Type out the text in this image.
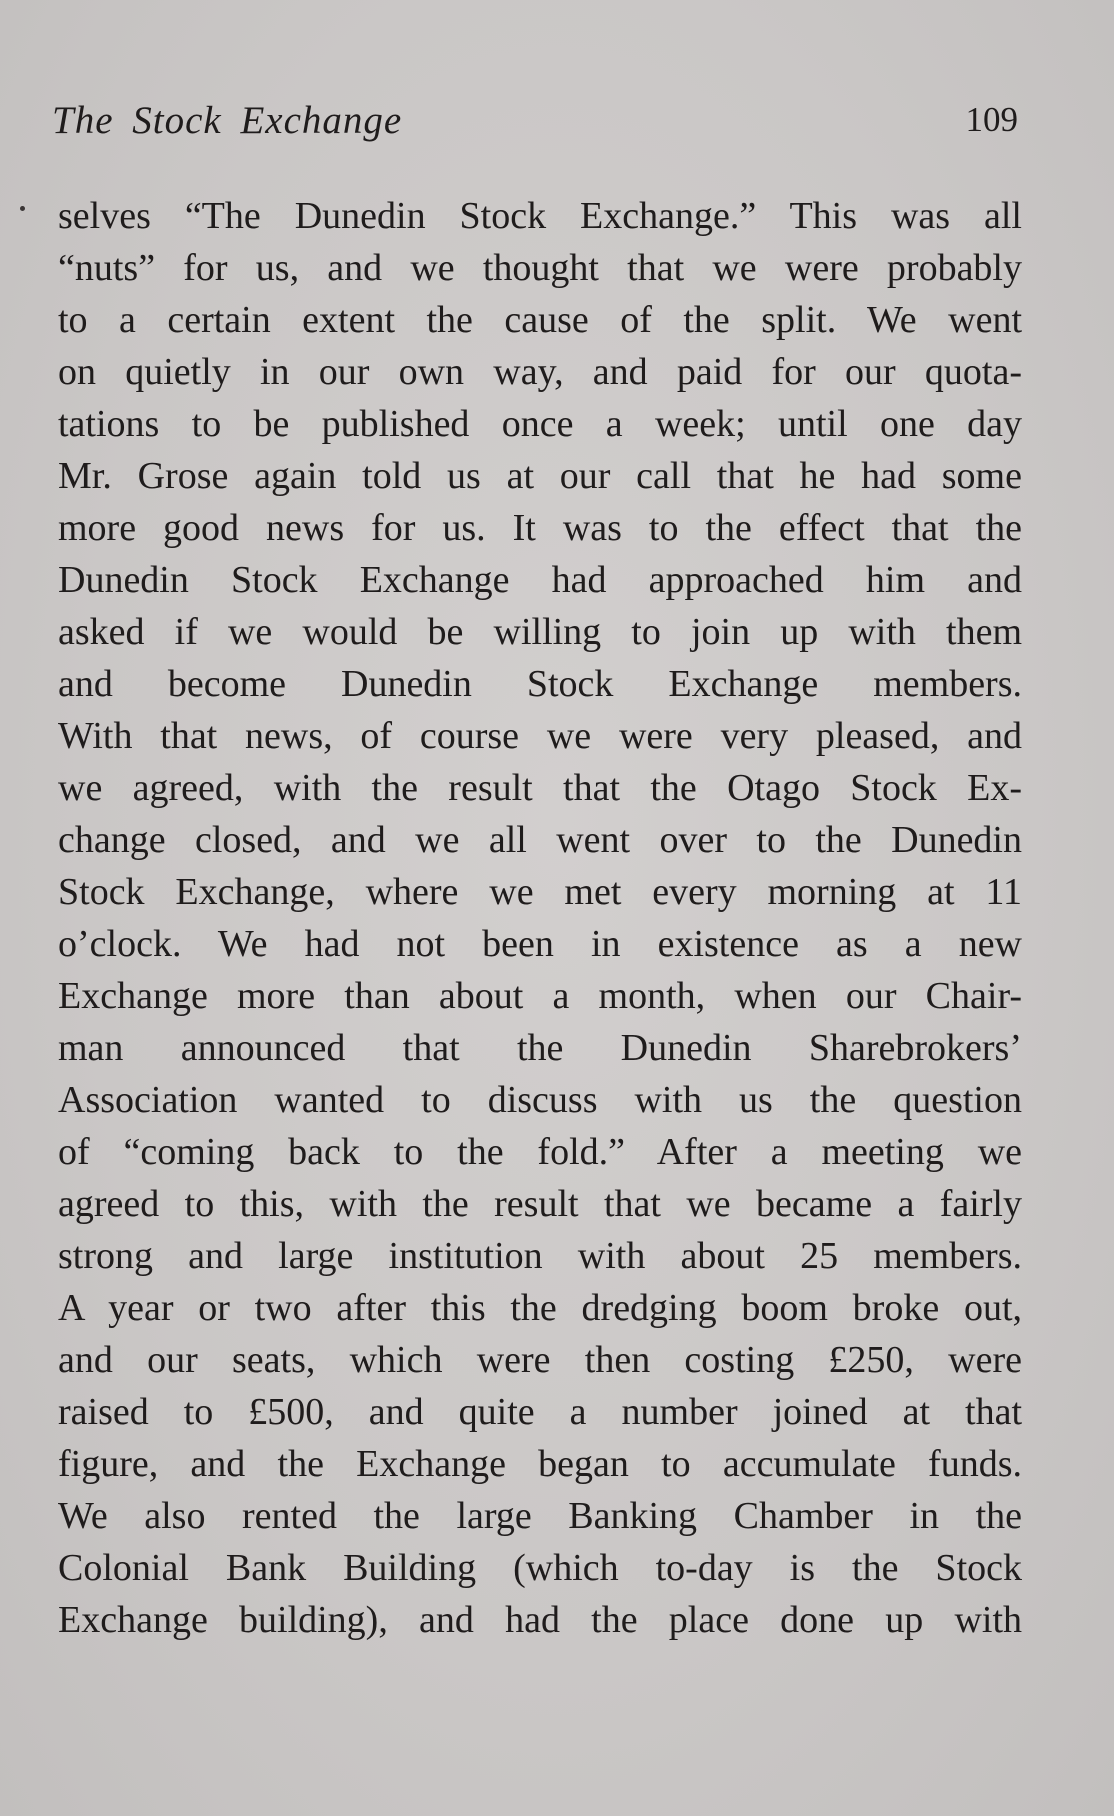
The Stock Exchange	109
selves “The Dunedin Stock Exchange.” This was all
“nuts” for us, and we thought that we were probably
to a certain extent the cause of the split. We went
on quietly in our own way, and paid for our quota-
tations to be published once a week; until one day
Mr. Grose again told us at our call that he had some
more good news for us. It was to the effect that the
Dunedin Stock Exchange had approached him and
asked if we would be willing to join up with them
and become Dunedin Stock Exchange members.
With that news, of course we were very pleased, and
we agreed, with the result that the Otago Stock Ex-
change closed, and we all went over to the Dunedin
Stock Exchange, where we met every morning at 11
o’clock. We had not been in existence as a new
Exchange more than about a month, when our Chair-
man announced that the Dunedin Sharebrokers’
Association wanted to discuss with us the question
of “coming back to the fold.” After a meeting we
agreed to this, with the result that we became a fairly
strong and large institution with about 25 members.
A year or two after this the dredging boom broke out,
and our seats, which were then costing £250, were
raised to £500, and quite a number joined at that
figure, and the Exchange began to accumulate funds.
We also rented the large Banking Chamber in the
Colonial Bank Building (which to-day is the Stock
Exchange building), and had the place done up with
